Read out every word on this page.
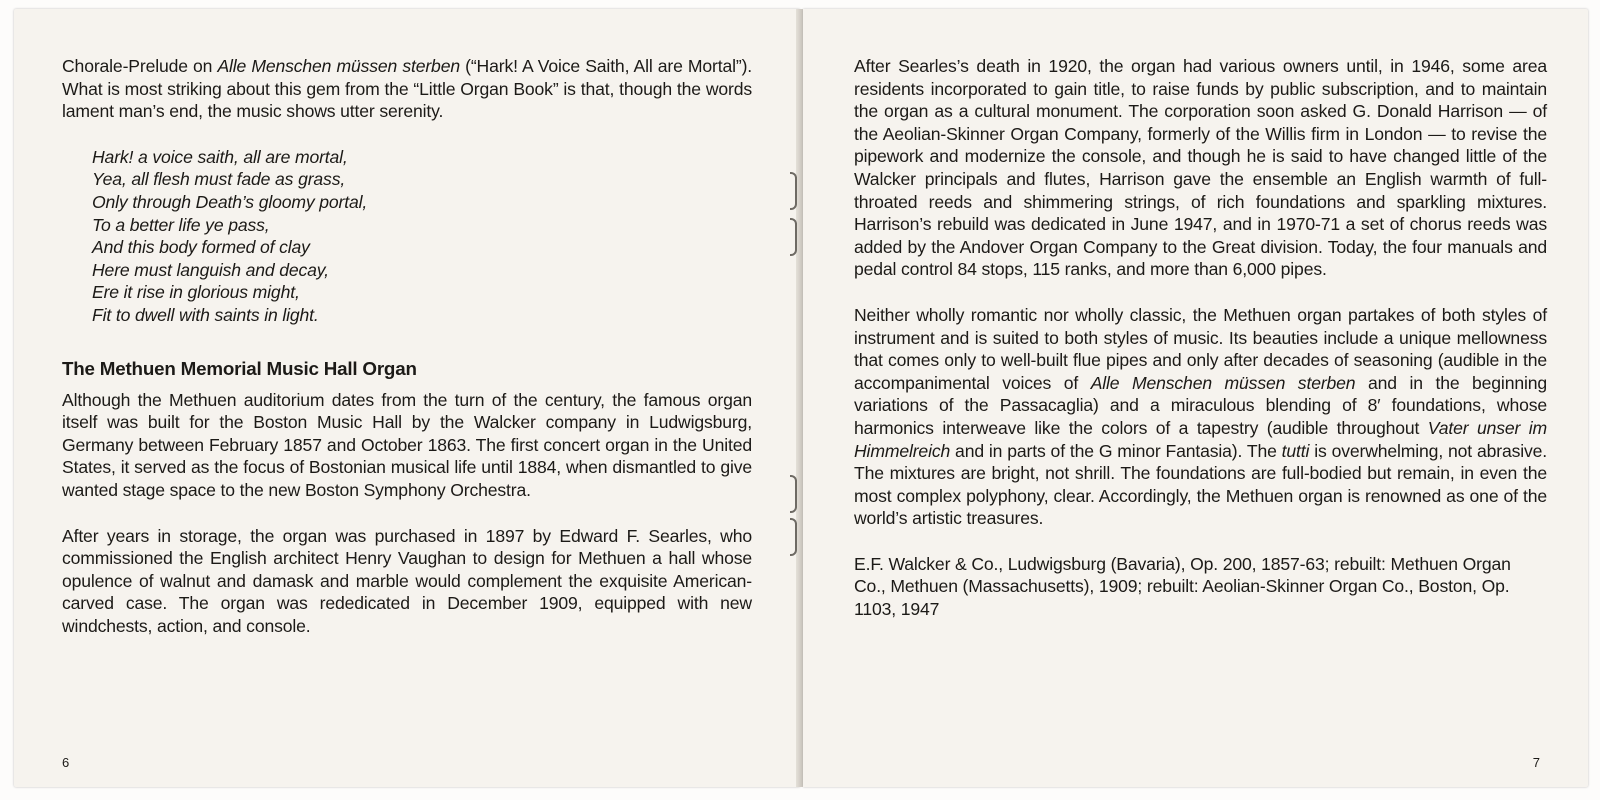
Chorale-Prelude on Alle Menschen müssen sterben (“Hark! A Voice Saith, All are Mortal”). What is most striking about this gem from the “Little Organ Book” is that, though the words lament man’s end, the music shows utter serenity.

Hark! a voice saith, all are mortal,
Yea, all flesh must fade as grass,
Only through Death’s gloomy portal,
To a better life ye pass,
And this body formed of clay
Here must languish and decay,
Ere it rise in glorious might,
Fit to dwell with saints in light.
The Methuen Memorial Music Hall Organ

Although the Methuen auditorium dates from the turn of the century, the famous organ itself was built for the Boston Music Hall by the Walcker company in Ludwigsburg, Germany between February 1857 and October 1863. The first concert organ in the United States, it served as the focus of Bostonian musical life until 1884, when dismantled to give wanted stage space to the new Boston Symphony Orchestra.

After years in storage, the organ was purchased in 1897 by Edward F. Searles, who commissioned the English architect Henry Vaughan to design for Methuen a hall whose opulence of walnut and damask and marble would complement the exquisite American-carved case. The organ was rededicated in December 1909, equipped with new windchests, action, and console.

6

After Searles’s death in 1920, the organ had various owners until, in 1946, some area residents incorporated to gain title, to raise funds by public subscription, and to maintain the organ as a cultural monument. The corporation soon asked G. Donald Harrison — of the Aeolian-Skinner Organ Company, formerly of the Willis firm in London — to revise the pipework and modernize the console, and though he is said to have changed little of the Walcker principals and flutes, Harrison gave the ensemble an English warmth of full-throated reeds and shimmering strings, of rich foundations and sparkling mixtures. Harrison’s rebuild was dedicated in June 1947, and in 1970-71 a set of chorus reeds was added by the Andover Organ Company to the Great division. Today, the four manuals and pedal control 84 stops, 115 ranks, and more than 6,000 pipes.

Neither wholly romantic nor wholly classic, the Methuen organ partakes of both styles of instrument and is suited to both styles of music. Its beauties include a unique mellowness that comes only to well-built flue pipes and only after decades of seasoning (audible in the accompanimental voices of Alle Menschen müssen sterben and in the beginning variations of the Passacaglia) and a miraculous blending of 8′ foundations, whose harmonics interweave like the colors of a tapestry (audible throughout Vater unser im Himmelreich and in parts of the G minor Fantasia). The tutti is overwhelming, not abrasive. The mixtures are bright, not shrill. The foundations are full-bodied but remain, in even the most complex polyphony, clear. Accordingly, the Methuen organ is renowned as one of the world’s artistic treasures.

E.F. Walcker & Co., Ludwigsburg (Bavaria), Op. 200, 1857-63; rebuilt: Methuen Organ Co., Methuen (Massachusetts), 1909; rebuilt: Aeolian-Skinner Organ Co., Boston, Op. 1103, 1947

7
